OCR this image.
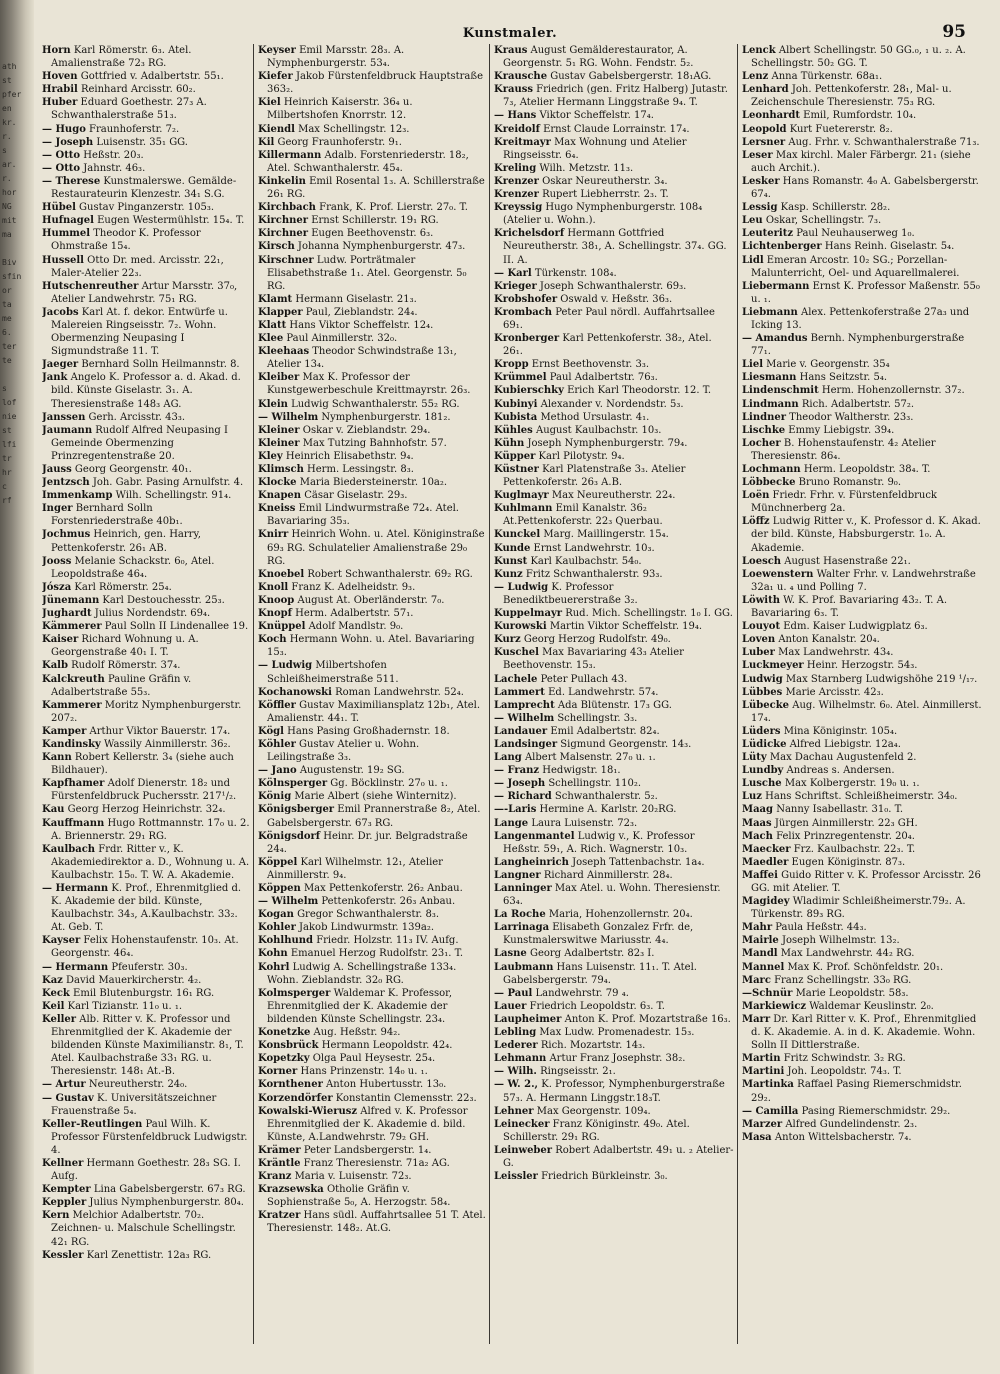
ath
st
pfer
en
kr.
r.
s
ar.
r.
hor
NG
mit
ma

Biv
sfin
or
ta
me
6.
ter
te

s
lof
nie
st
lfi
tr
hr
c
rf
Kunstmaler.	95

Horn Karl Römerstr. 6₃. Atel. Amalienstraße 72₃ RG.

Hoven Gottfried v. Adalbertstr. 55₁.

Hrabil Reinhard Arcisstr. 60₂.

Huber Eduard Goethestr. 27₃ A. Schwanthalerstraße 51₃.

— Hugo Fraunhoferstr. 7₂.

— Joseph Luisenstr. 35₁ GG.

— Otto Heßstr. 20₃.

— Otto Jahnstr. 46₃.

— Therese Kunstmalerswe. Gemälde-Restaurateurin Klenzestr. 34₁ S.G.

Hübel Gustav Pinganzerstr. 105₃.

Hufnagel Eugen Westermühlstr. 15₄. T.

Hummel Theodor K. Professor Ohmstraße 15₄.

Hussell Otto Dr. med. Arcisstr. 22₁, Maler-Atelier 22₃.

Hutschenreuther Artur Marsstr. 37₀, Atelier Landwehrstr. 75₁ RG.

Jacobs Karl At. f. dekor. Entwürfe u. Malereien Ringseisstr. 7₂. Wohn. Obermenzing Neupasing I Sigmundstraße 11. T.

Jaeger Bernhard Solln Heilmannstr. 8.

Jank Angelo K. Professor a. d. Akad. d. bild. Künste Giselastr. 3₁. A. Theresienstraße 148₃ AG.

Janssen Gerh. Arcisstr. 43₃.

Jaumann Rudolf Alfred Neupasing I Gemeinde Obermenzing Prinzregentenstraße 20.

Jauss Georg Georgenstr. 40₁.

Jentzsch Joh. Gabr. Pasing Arnulfstr. 4.

Immenkamp Wilh. Schellingstr. 91₄.

Inger Bernhard Solln Forstenriederstraße 40b₁.

Jochmus Heinrich, gen. Harry, Pettenkoferstr. 26₁ AB.

Jooss Melanie Schackstr. 6₀, Atel. Leopoldstraße 46₄.

Jósza Karl Römerstr. 25₄.

Jünemann Karl Destouchesstr. 25₃.

Jughardt Julius Nordendstr. 69₄.

Kämmerer Paul Solln II Lindenallee 19.

Kaiser Richard Wohnung u. A. Georgenstraße 40₁ I. T.

Kalb Rudolf Römerstr. 37₄.

Kalckreuth Pauline Gräfin v. Adalbertstraße 55₃.

Kammerer Moritz Nymphenburgerstr. 207₂.

Kamper Arthur Viktor Bauerstr. 17₄.

Kandinsky Wassily Ainmillerstr. 36₂.

Kann Robert Kellerstr. 3₄ (siehe auch Bildhauer).

Kapfhamer Adolf Dienerstr. 18₂ und Fürstenfeldbruck Puchersstr. 217¹/₂.

Kau Georg Herzog Heinrichstr. 32₄.

Kauffmann Hugo Rottmannstr. 17₀ u. 2. A. Briennerstr. 29₁ RG.

Kaulbach Frdr. Ritter v., K. Akademiedirektor a. D., Wohnung u. A. Kaulbachstr. 15₀. T. W. A. Akademie.

— Hermann K. Prof., Ehrenmitglied d. K. Akademie der bild. Künste, Kaulbachstr. 34₃, A.Kaulbachstr. 33₂. At. Geb. T.

Kayser Felix Hohenstaufenstr. 10₃. At. Georgenstr. 46₄.

— Hermann Pfeuferstr. 30₃.

Kaz David Mauerkircherstr. 4₂.

Keck Emil Blutenburgstr. 16₁ RG.

Keil Karl Tizianstr. 11₀ u. ₁.

Keller Alb. Ritter v. K. Professor und Ehrenmitglied der K. Akademie der bildenden Künste Maximilianstr. 8₁, T. Atel. Kaulbachstraße 33₁ RG. u. Theresienstr. 148₁ At.-B.

— Artur Neureutherstr. 24₀.

— Gustav K. Universitätszeichner Frauenstraße 5₄.

Keller-Reutlingen Paul Wilh. K. Professor Fürstenfeldbruck Ludwigstr. 4.

Kellner Hermann Goethestr. 28₃ SG. I. Aufg.

Kempter Lina Gabelsbergerstr. 67₃ RG.

Keppler Julius Nymphenburgerstr. 80₄.

Kern Melchior Adalbertstr. 70₂. Zeichnen- u. Malschule Schellingstr. 42₁ RG.

Kessler Karl Zenettistr. 12a₃ RG.

Keyser Emil Marsstr. 28₃. A. Nymphenburgerstr. 53₄.

Kiefer Jakob Fürstenfeldbruck Hauptstraße 363₂.

Kiel Heinrich Kaiserstr. 36₄ u. Milbertshofen Knorrstr. 12.

Kiendl Max Schellingstr. 12₃.

Kil Georg Fraunhoferstr. 9₁.

Killermann Adalb. Forstenriederstr. 18₂, Atel. Schwanthalerstr. 45₄.

Kinkelin Emil Rosental 1₃. A. Schillerstraße 26₁ RG.

Kirchbach Frank, K. Prof. Lierstr. 27₀. T.

Kirchner Ernst Schillerstr. 19₁ RG.

Kirchner Eugen Beethovenstr. 6₃.

Kirsch Johanna Nymphenburgerstr. 47₃.

Kirschner Ludw. Porträtmaler Elisabethstraße 1₁. Atel. Georgenstr. 5₀ RG.

Klamt Hermann Giselastr. 21₃.

Klapper Paul, Zieblandstr. 24₄.

Klatt Hans Viktor Scheffelstr. 12₄.

Klee Paul Ainmillerstr. 32₀.

Kleehaas Theodor Schwindstraße 13₁, Atelier 13₄.

Kleiber Max K. Professor der Kunstgewerbeschule Kreittmayrstr. 26₃.

Klein Ludwig Schwanthalerstr. 55₂ RG.

— Wilhelm Nymphenburgerstr. 181₂.

Kleiner Oskar v. Zieblandstr. 29₄.

Kleiner Max Tutzing Bahnhofstr. 57.

Kley Heinrich Elisabethstr. 9₄.

Klimsch Herm. Lessingstr. 8₃.

Klocke Maria Biedersteinerstr. 10a₂.

Knapen Cäsar Giselastr. 29₃.

Kneiss Emil Lindwurmstraße 72₄. Atel. Bavariaring 35₃.

Knirr Heinrich Wohn. u. Atel. Königinstraße 69₃ RG. Schulatelier Amalienstraße 29₀ RG.

Knoebel Robert Schwanthalerstr. 69₂ RG.

Knoll Franz K. Adelheidstr. 9₃.

Knoop August At. Oberländerstr. 7₀.

Knopf Herm. Adalbertstr. 57₁.

Knüppel Adolf Mandlstr. 9₀.

Koch Hermann Wohn. u. Atel. Bavariaring 15₃.

— Ludwig Milbertshofen Schleißheimerstraße 511.

Kochanowski Roman Landwehrstr. 52₄.

Köffler Gustav Maximiliansplatz 12b₁, Atel. Amalienstr. 44₁. T.

Kögl Hans Pasing Großhadernstr. 18.

Köhler Gustav Atelier u. Wohn. Leilingstraße 3₃.

— Jano Augustenstr. 19₂ SG.

Kölnsperger Gg. Böcklinstr. 27₀ u. ₁.

König Marie Albert (siehe Winternitz).

Königsberger Emil Prannerstraße 8₂, Atel. Gabelsbergerstr. 67₃ RG.

Königsdorf Heinr. Dr. jur. Belgradstraße 24₄.

Köppel Karl Wilhelmstr. 12₁, Atelier Ainmillerstr. 9₄.

Köppen Max Pettenkoferstr. 26₂ Anbau.

— Wilhelm Pettenkoferstr. 26₃ Anbau.

Kogan Gregor Schwanthalerstr. 8₃.

Kohler Jakob Lindwurmstr. 139a₂.

Kohlhund Friedr. Holzstr. 11₃ IV. Aufg.

Kohn Emanuel Herzog Rudolfstr. 23₁. T.

Kohrl Ludwig A. Schellingstraße 133₄. Wohn. Zieblandstr. 32₀ RG.

Kolmsperger Waldemar K. Professor, Ehrenmitglied der K. Akademie der bildenden Künste Schellingstr. 23₄.

Konetzke Aug. Heßstr. 94₂.

Konsbrück Hermann Leopoldstr. 42₄.

Kopetzky Olga Paul Heysestr. 25₄.

Korner Hans Prinzenstr. 14₀ u. ₁.

Kornthener Anton Hubertusstr. 13₀.

Korzendörfer Konstantin Clemensstr. 22₃.

Kowalski-Wierusz Alfred v. K. Professor Ehrenmitglied der K. Akademie d. bild. Künste, A.Landwehrstr. 79₂ GH.

Krämer Peter Landsbergerstr. 1₄.

Kräntle Franz Theresienstr. 71a₂ AG.

Kranz Maria v. Luisenstr. 72₃.

Krazsewska Otholie Gräfin v. Sophienstraße 5₀, A. Herzogstr. 58₄.

Kratzer Hans südl. Auffahrtsallee 51 T. Atel. Theresienstr. 148₂. At.G.

Kraus August Gemälderestaurator, A. Georgenstr. 5₁ RG. Wohn. Fendstr. 5₂.

Krausche Gustav Gabelsbergerstr. 18₁AG.

Krauss Friedrich (gen. Fritz Halberg) Jutastr. 7₃, Atelier Hermann Linggstraße 9₄. T.

— Hans Viktor Scheffelstr. 17₄.

Kreidolf Ernst Claude Lorrainstr. 17₄.

Kreitmayr Max Wohnung und Atelier Ringseisstr. 6₄.

Kreling Wilh. Metzstr. 11₃.

Krenzer Oskar Neureutherstr. 3₄.

Krenzer Rupert Liebherrstr. 2₃. T.

Kreyssig Hugo Nymphenburgerstr. 108₄ (Atelier u. Wohn.).

Krichelsdorf Hermann Gottfried Neureutherstr. 38₁, A. Schellingstr. 37₄. GG. II. A.

— Karl Türkenstr. 108₄.

Krieger Joseph Schwanthalerstr. 69₃.

Krobshofer Oswald v. Heßstr. 36₃.

Krombach Peter Paul nördl. Auffahrtsallee 69₁.

Kronberger Karl Pettenkoferstr. 38₂, Atel. 26₁.

Kropp Ernst Beethovenstr. 3₃.

Krümmel Paul Adalbertstr. 76₃.

Kubierschky Erich Karl Theodorstr. 12. T.

Kubinyi Alexander v. Nordendstr. 5₃.

Kubista Method Ursulastr. 4₁.

Kühles August Kaulbachstr. 10₃.

Kühn Joseph Nymphenburgerstr. 79₄.

Küpper Karl Pilotystr. 9₄.

Küstner Karl Platenstraße 3₃. Atelier Pettenkoferstr. 26₃ A.B.

Kuglmayr Max Neureutherstr. 22₄.

Kuhlmann Emil Kanalstr. 36₂ At.Pettenkoferstr. 22₃ Querbau.

Kunckel Marg. Maillingerstr. 15₄.

Kunde Ernst Landwehrstr. 10₃.

Kunst Karl Kaulbachstr. 54₀.

Kunz Fritz Schwanthalerstr. 93₃.

— Ludwig K. Professor Benediktbeuererstraße 3₂.

Kuppelmayr Rud. Mich. Schellingstr. 1₀ I. GG.

Kurowski Martin Viktor Scheffelstr. 19₄.

Kurz Georg Herzog Rudolfstr. 49₀.

Kuschel Max Bavariaring 43₃ Atelier Beethovenstr. 15₃.

Lachele Peter Pullach 43.

Lammert Ed. Landwehrstr. 57₄.

Lamprecht Ada Blütenstr. 17₃ GG.

— Wilhelm Schellingstr. 3₃.

Landauer Emil Adalbertstr. 82₄.

Landsinger Sigmund Georgenstr. 14₃.

Lang Albert Malsenstr. 27₀ u. ₁.

— Franz Hedwigstr. 18₁.

— Joseph Schellingstr. 110₂.

— Richard Schwanthalerstr. 5₂.

—-Laris Hermine A. Karlstr. 20₂RG.

Lange Laura Luisenstr. 72₃.

Langenmantel Ludwig v., K. Professor Heßstr. 59₁, A. Rich. Wagnerstr. 10₃.

Langheinrich Joseph Tattenbachstr. 1a₄.

Langner Richard Ainmillerstr. 28₄.

Lanninger Max Atel. u. Wohn. Theresienstr. 63₄.

La Roche Maria, Hohenzollernstr. 20₄.

Larrinaga Elisabeth Gonzalez Frfr. de, Kunstmalerswitwe Mariusstr. 4₄.

Lasne Georg Adalbertstr. 82₃ I.

Laubmann Hans Luisenstr. 11₁. T. Atel. Gabelsbergerstr. 79₄.

— Paul Landwehrstr. 79 ₄.

Lauer Friedrich Leopoldstr. 6₃. T.

Laupheimer Anton K. Prof. Mozartstraße 16₃.

Lebling Max Ludw. Promenadestr. 15₃.

Lederer Rich. Mozartstr. 14₃.

Lehmann Artur Franz Josephstr. 38₂.

— Wilh. Ringseisstr. 2₁.

— W. 2., K. Professor, Nymphenburgerstraße 57₃. A. Hermann Linggstr.18₃T.

Lehner Max Georgenstr. 109₄.

Leinecker Franz Königinstr. 49₀. Atel. Schillerstr. 29₁ RG.

Leinweber Robert Adalbertstr. 49₁ u. ₂ Atelier-G.

Leissler Friedrich Bürkleinstr. 3₀.

Lenck Albert Schellingstr. 50 GG.₀, ₁ u. ₂. A. Schellingstr. 50₂ GG. T.

Lenz Anna Türkenstr. 68a₁.

Lenhard Joh. Pettenkoferstr. 28₁, Mal- u. Zeichenschule Theresienstr. 75₃ RG.

Leonhardt Emil, Rumfordstr. 10₄.

Leopold Kurt Fuetererstr. 8₂.

Lersner Aug. Frhr. v. Schwanthalerstraße 71₃.

Leser Max kirchl. Maler Färbergr. 21₁ (siehe auch Archit.).

Lesker Hans Romanstr. 4₀ A. Gabelsbergerstr. 67₄.

Lessig Kasp. Schillerstr. 28₂.

Leu Oskar, Schellingstr. 7₃.

Leuteritz Paul Neuhauserweg 1₀.

Lichtenberger Hans Reinh. Giselastr. 5₄.

Lidl Emeran Arcostr. 10₂ SG.; Porzellan-Malunterricht, Oel- und Aquarellmalerei.

Liebermann Ernst K. Professor Maßenstr. 55₀ u. ₁.

Liebmann Alex. Pettenkoferstraße 27a₃ und Icking 13.

— Amandus Bernh. Nymphenburgerstraße 77₁.

Liel Marie v. Georgenstr. 35₄

Liesmann Hans Seitzstr. 5₄.

Lindenschmit Herm. Hohenzollernstr. 37₂.

Lindmann Rich. Adalbertstr. 57₂.

Lindner Theodor Waltherstr. 23₃.

Lischke Emmy Liebigstr. 39₄.

Locher B. Hohenstaufenstr. 4₂ Atelier Theresienstr. 86₄.

Lochmann Herm. Leopoldstr. 38₄. T.

Löbbecke Bruno Romanstr. 9₀.

Loën Friedr. Frhr. v. Fürstenfeldbruck Münchnerberg 2a.

Löffz Ludwig Ritter v., K. Professor d. K. Akad. der bild. Künste, Habsburgerstr. 1₀. A. Akademie.

Loesch August Hasenstraße 22₁.

Loewenstern Walter Frhr. v. Landwehrstraße 32a₁ u. ₄ und Polling 7.

Löwith W. K. Prof. Bavariaring 43₂. T. A. Bavariaring 6₃. T.

Louyot Edm. Kaiser Ludwigplatz 6₃.

Loven Anton Kanalstr. 20₄.

Luber Max Landwehrstr. 43₄.

Luckmeyer Heinr. Herzogstr. 54₃.

Ludwig Max Starnberg Ludwigshöhe 219 ¹/₁₇.

Lübbes Marie Arcisstr. 42₃.

Lübecke Aug. Wilhelmstr. 6₀. Atel. Ainmillerst. 17₄.

Lüders Mina Königinstr. 105₄.

Lüdicke Alfred Liebigstr. 12a₄.

Lüty Max Dachau Augustenfeld 2.

Lundby Andreas s. Andersen.

Lusche Max Kolbergerstr. 19₀ u. ₁.

Luz Hans Schriftst. Schleißheimerstr. 34₀.

Maag Nanny Isabellastr. 31₀. T.

Maas Jürgen Ainmillerstr. 22₃ GH.

Mach Felix Prinzregentenstr. 20₄.

Maecker Frz. Kaulbachstr. 22₃. T.

Maedler Eugen Königinstr. 87₃.

Maffei Guido Ritter v. K. Professor Arcisstr. 26 GG. mit Atelier. T.

Magidey Wladimir Schleißheimerstr.79₂. A. Türkenstr. 89₃ RG.

Mahr Paula Heßstr. 44₃.

Mairle Joseph Wilhelmstr. 13₂.

Mandl Max Landwehrstr. 44₂ RG.

Mannel Max K. Prof. Schönfeldstr. 20₁.

Marc Franz Schellingstr. 33₀ RG.

—Schnür Marie Leopoldstr. 58₃.

Markiewicz Waldemar Keuslinstr. 2₀.

Marr Dr. Karl Ritter v. K. Prof., Ehrenmitglied d. K. Akademie. A. in d. K. Akademie. Wohn. Solln II Dittlerstraße.

Martin Fritz Schwindstr. 3₂ RG.

Martini Joh. Leopoldstr. 74₃. T.

Martinka Raffael Pasing Riemerschmidstr. 29₂.

— Camilla Pasing Riemerschmidstr. 29₂.

Marzer Alfred Gundelindenstr. 2₃.

Masa Anton Wittelsbacherstr. 7₄.
